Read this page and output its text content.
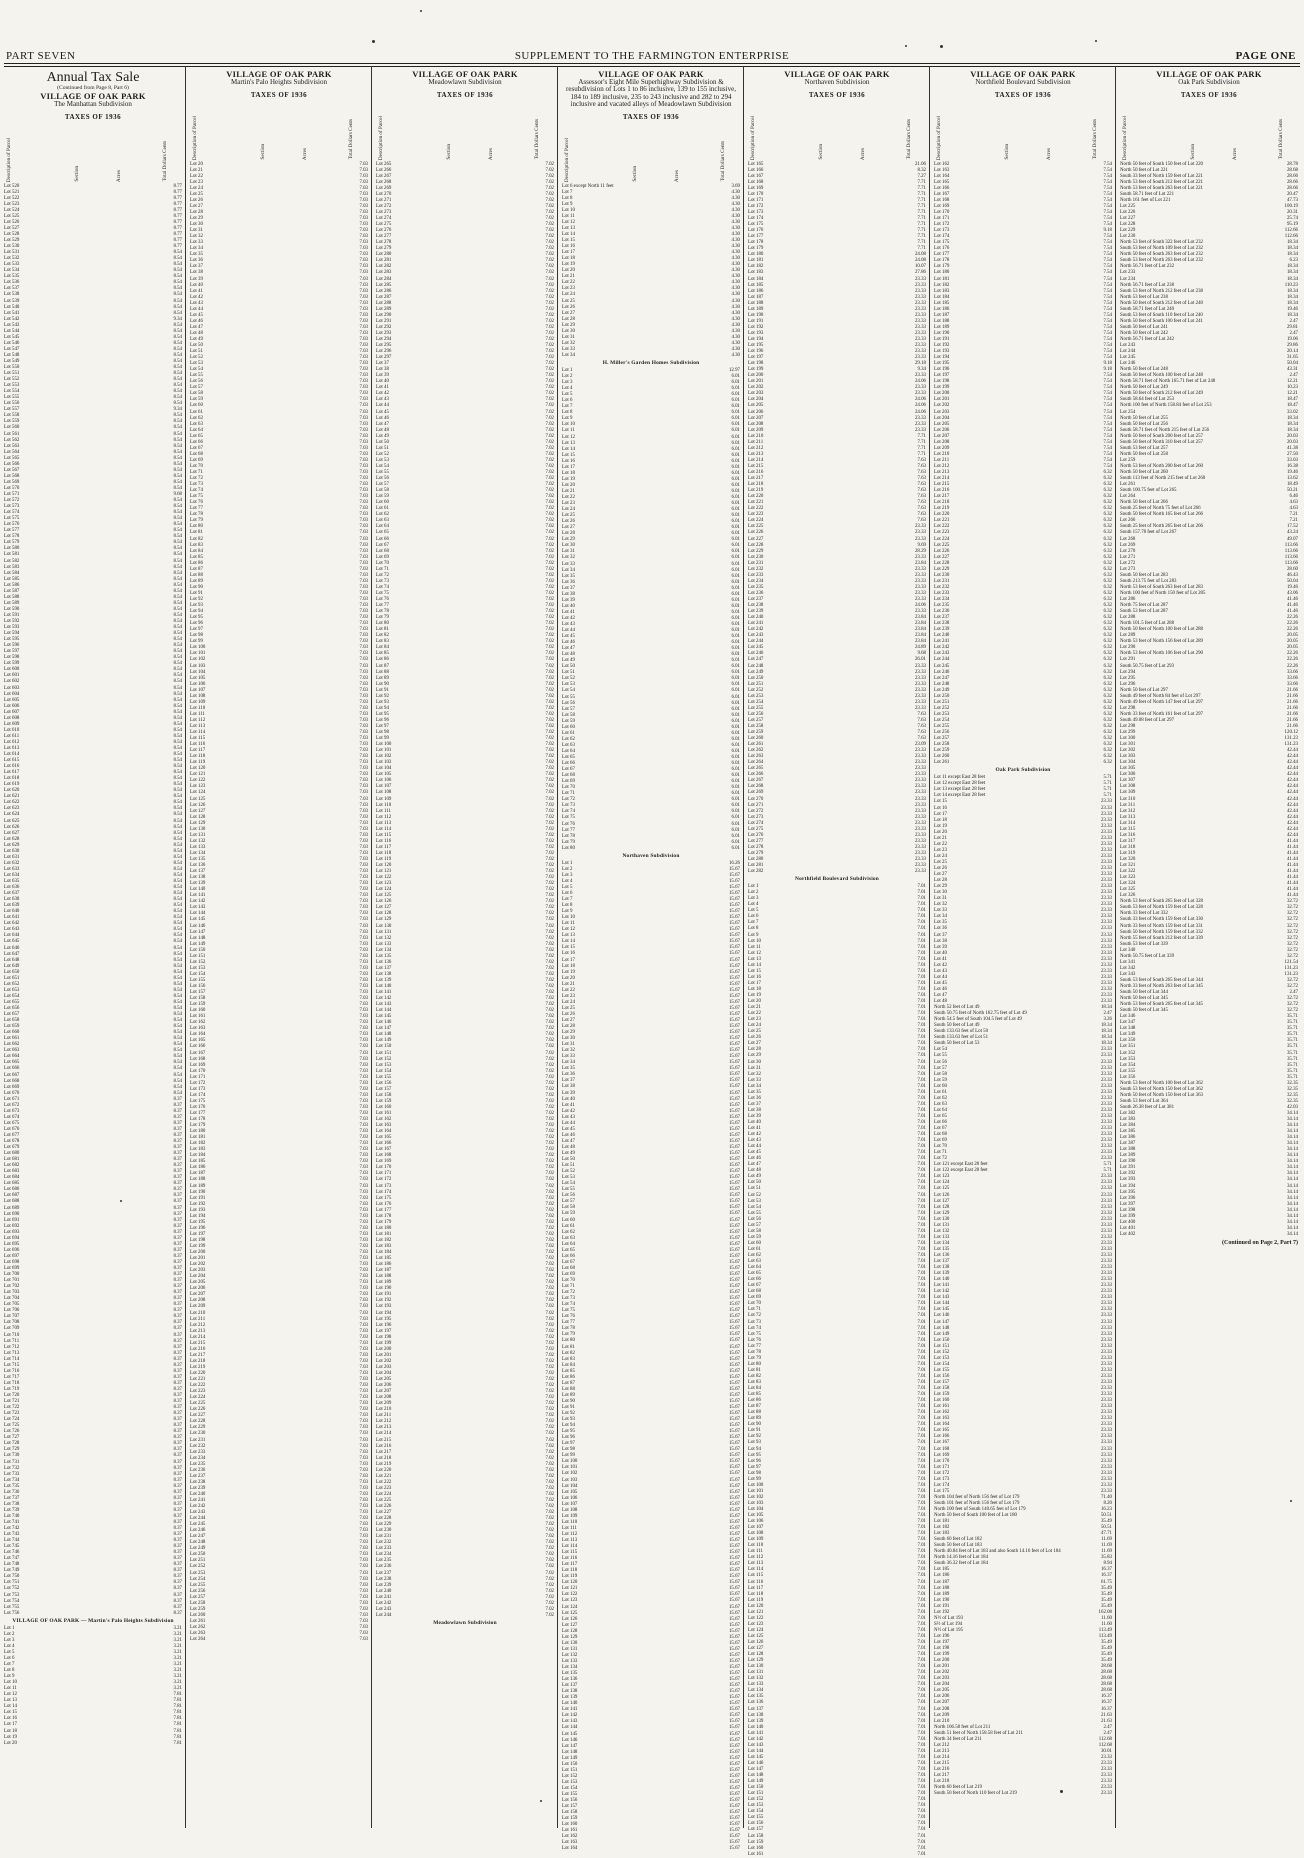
PART SEVEN	SUPPLEMENT TO THE FARMINGTON ENTERPRISE	PAGE ONE
Annual Tax Sale
(Continued from Page 8, Part 6)
VILLAGE OF OAK PARK
The Manhattan Subdivision
TAXES OF 1936
Description of Parcel	Section	Acres	Total Dollars Cents
Lot 520	8.77
Lot 521	8.77
Lot 522	8.77
Lot 523	8.77
Lot 524	8.77
Lot 525	8.77
Lot 526	8.77
Lot 527	8.77
Lot 528	8.77
Lot 529	8.77
Lot 530	8.77
Lot 531	8.54
Lot 532	8.54
Lot 533	8.54
Lot 534	8.54
Lot 535	8.54
Lot 536	8.54
Lot 537	8.54
Lot 538	8.54
Lot 539	8.54
Lot 540	8.54
Lot 541	8.54
Lot 542	9.34
Lot 543	8.54
Lot 544	8.54
Lot 545	8.54
Lot 546	8.54
Lot 547	8.54
Lot 548	8.54
Lot 549	8.54
Lot 550	8.54
Lot 551	8.54
Lot 552	8.54
Lot 553	8.54
Lot 554	8.54
Lot 555	8.54
Lot 556	8.54
Lot 557	9.34
Lot 558	8.54
Lot 559	8.54
Lot 560	8.54
Lot 561	8.54
Lot 562	8.54
Lot 563	8.54
Lot 564	8.54
Lot 565	8.54
Lot 566	8.54
Lot 567	8.54
Lot 568	8.54
Lot 569	8.54
Lot 570	8.54
Lot 571	9.68
Lot 572	8.54
Lot 573	8.54
Lot 574	8.54
Lot 575	8.54
Lot 576	8.54
Lot 577	8.54
Lot 578	8.54
Lot 579	8.54
Lot 580	8.54
Lot 581	8.54
Lot 582	8.54
Lot 583	8.54
Lot 584	8.54
Lot 585	8.54
Lot 586	8.54
Lot 587	8.54
Lot 588	8.54
Lot 589	8.54
Lot 590	8.54
Lot 591	8.54
Lot 592	8.54
Lot 593	8.54
Lot 594	8.54
Lot 595	8.54
Lot 596	8.54
Lot 597	8.54
Lot 598	8.54
Lot 599	8.54
Lot 600	8.54
Lot 601	8.54
Lot 602	8.54
Lot 603	8.54
Lot 604	8.54
Lot 605	8.54
Lot 606	8.54
Lot 607	8.54
Lot 608	8.54
Lot 609	8.54
Lot 610	8.54
Lot 611	8.54
Lot 612	8.54
Lot 613	8.54
Lot 614	8.54
Lot 615	8.54
Lot 616	8.54
Lot 617	8.54
Lot 618	8.54
Lot 619	8.54
Lot 620	8.54
Lot 621	8.54
Lot 622	8.54
Lot 623	8.54
Lot 624	8.54
Lot 625	8.54
Lot 626	8.54
Lot 627	8.54
Lot 628	8.54
Lot 629	8.54
Lot 630	8.54
Lot 631	8.54
Lot 632	8.54
Lot 633	8.54
Lot 634	8.54
Lot 635	8.54
Lot 636	8.54
Lot 637	8.54
Lot 638	8.54
Lot 639	8.54
Lot 640	8.54
Lot 641	8.54
Lot 642	8.54
Lot 643	8.54
Lot 644	8.54
Lot 645	8.54
Lot 646	8.54
Lot 647	8.54
Lot 648	8.54
Lot 649	8.54
Lot 650	8.54
Lot 651	8.54
Lot 652	8.54
Lot 653	8.54
Lot 654	8.54
Lot 655	8.54
Lot 656	8.54
Lot 657	8.54
Lot 658	8.54
Lot 659	8.54
Lot 660	8.54
Lot 661	8.54
Lot 662	8.54
Lot 663	8.54
Lot 664	8.54
Lot 665	8.54
Lot 666	8.54
Lot 667	8.54
Lot 668	8.54
Lot 669	8.54
Lot 670	8.54
Lot 671	8.37
Lot 672	8.37
Lot 673	8.37
Lot 674	8.37
Lot 675	8.37
Lot 676	8.37
Lot 677	8.37
Lot 678	8.37
Lot 679	8.37
Lot 680	8.37
Lot 681	8.37
Lot 682	8.37
Lot 683	8.37
Lot 684	8.37
Lot 685	8.37
Lot 686	8.37
Lot 687	8.37
Lot 688	8.37
Lot 689	8.37
Lot 690	8.37
Lot 691	8.37
Lot 692	8.37
Lot 693	8.37
Lot 694	8.37
Lot 695	8.37
Lot 696	8.37
Lot 697	8.37
Lot 698	8.37
Lot 699	8.37
Lot 700	8.37
Lot 701	8.37
Lot 702	8.37
Lot 703	8.37
Lot 704	8.37
Lot 705	8.37
Lot 706	8.37
Lot 707	8.37
Lot 708	8.37
Lot 709	8.37
Lot 710	8.37
Lot 711	8.37
Lot 712	8.37
Lot 713	8.37
Lot 714	8.37
Lot 715	8.37
Lot 716	8.37
Lot 717	8.37
Lot 718	8.37
Lot 719	8.37
Lot 720	8.37
Lot 721	8.37
Lot 722	8.37
Lot 723	8.37
Lot 724	8.37
Lot 725	8.37
Lot 726	8.37
Lot 727	8.37
Lot 728	8.37
Lot 729	8.37
Lot 730	8.37
Lot 731	8.37
Lot 732	8.37
Lot 733	8.37
Lot 734	8.37
Lot 735	8.37
Lot 736	8.37
Lot 737	8.37
Lot 738	8.37
Lot 739	8.37
Lot 740	8.37
Lot 741	8.37
Lot 742	8.37
Lot 743	8.37
Lot 744	8.37
Lot 745	8.37
Lot 746	8.37
Lot 747	8.37
Lot 748	8.37
Lot 749	8.37
Lot 750	8.37
Lot 751	8.37
Lot 752	8.37
Lot 753	8.37
Lot 754	8.37
Lot 755	8.37
Lot 756	8.37
VILLAGE OF OAK PARK — Martin's Palo Heights Subdivision
Lot 1	3.21
Lot 2	3.21
Lot 3	3.21
Lot 4	3.21
Lot 5	3.21
Lot 6	3.21
Lot 7	3.21
Lot 8	3.21
Lot 9	3.21
Lot 10	3.21
Lot 11	3.21
Lot 12	7.81
Lot 13	7.81
Lot 14	7.81
Lot 15	7.81
Lot 16	7.81
Lot 17	7.81
Lot 18	7.81
Lot 19	7.81
Lot 20	7.81
VILLAGE OF OAK PARK
Martin's Palo Heights Subdivision
TAXES OF 1936
Description of Parcel	Section	Acres	Total Dollars Cents
Lot 20	7.03
Lot 21	7.03
Lot 22	7.03
Lot 23	7.03
Lot 24	7.03
Lot 25	7.03
Lot 26	7.03
Lot 27	7.03
Lot 28	7.03
Lot 29	7.03
Lot 30	7.03
Lot 31	7.03
Lot 32	7.03
Lot 33	7.03
Lot 34	7.03
Lot 35	7.03
Lot 36	7.03
Lot 37	7.03
Lot 38	7.03
Lot 39	7.03
Lot 40	7.03
Lot 41	7.03
Lot 42	7.03
Lot 43	7.03
Lot 44	7.03
Lot 45	7.03
Lot 46	7.03
Lot 47	7.03
Lot 48	7.03
Lot 49	7.03
Lot 50	7.03
Lot 51	7.03
Lot 52	7.03
Lot 53	7.03
Lot 54	7.03
Lot 55	7.03
Lot 56	7.03
Lot 57	7.03
Lot 58	7.03
Lot 59	7.03
Lot 60	7.03
Lot 61	7.03
Lot 62	7.03
Lot 63	7.03
Lot 64	7.03
Lot 65	7.03
Lot 66	7.03
Lot 67	7.03
Lot 68	7.03
Lot 69	7.03
Lot 70	7.03
Lot 71	7.03
Lot 72	7.03
Lot 73	7.03
Lot 74	7.03
Lot 75	7.03
Lot 76	7.03
Lot 77	7.03
Lot 78	7.03
Lot 79	7.03
Lot 80	7.03
Lot 81	7.03
Lot 82	7.03
Lot 83	7.03
Lot 84	7.03
Lot 85	7.03
Lot 86	7.03
Lot 87	7.03
Lot 88	7.03
Lot 89	7.03
Lot 90	7.03
Lot 91	7.03
Lot 92	7.03
Lot 93	7.03
Lot 94	7.03
Lot 95	7.03
Lot 96	7.03
Lot 97	7.03
Lot 98	7.03
Lot 99	7.03
Lot 100	7.03
Lot 101	7.03
Lot 102	7.03
Lot 103	7.03
Lot 104	7.03
Lot 105	7.03
Lot 106	7.03
Lot 107	7.03
Lot 108	7.03
Lot 109	7.03
Lot 110	7.03
Lot 111	7.03
Lot 112	7.03
Lot 113	7.03
Lot 114	7.03
Lot 115	7.03
Lot 116	7.03
Lot 117	7.03
Lot 118	7.03
Lot 119	7.03
Lot 120	7.03
Lot 121	7.03
Lot 122	7.03
Lot 123	7.03
Lot 124	7.03
Lot 125	7.03
Lot 126	7.03
Lot 127	7.03
Lot 128	7.03
Lot 129	7.03
Lot 130	7.03
Lot 131	7.03
Lot 132	7.03
Lot 133	7.03
Lot 134	7.03
Lot 135	7.03
Lot 136	7.03
Lot 137	7.03
Lot 138	7.03
Lot 139	7.03
Lot 140	7.03
Lot 141	7.03
Lot 142	7.03
Lot 143	7.03
Lot 144	7.03
Lot 145	7.03
Lot 146	7.03
Lot 147	7.03
Lot 148	7.03
Lot 149	7.03
Lot 150	7.03
Lot 151	7.03
Lot 152	7.03
Lot 153	7.03
Lot 154	7.03
Lot 155	7.03
Lot 156	7.03
Lot 157	7.03
Lot 158	7.03
Lot 159	7.03
Lot 160	7.03
Lot 161	7.03
Lot 162	7.03
Lot 163	7.03
Lot 164	7.03
Lot 165	7.03
Lot 166	7.03
Lot 167	7.03
Lot 168	7.03
Lot 169	7.03
Lot 170	7.03
Lot 171	7.03
Lot 172	7.03
Lot 173	7.03
Lot 174	7.03
Lot 175	7.03
Lot 176	7.03
Lot 177	7.03
Lot 178	7.03
Lot 179	7.03
Lot 180	7.03
Lot 181	7.03
Lot 182	7.03
Lot 183	7.03
Lot 184	7.03
Lot 185	7.03
Lot 186	7.03
Lot 187	7.03
Lot 188	7.03
Lot 189	7.03
Lot 190	7.03
Lot 191	7.03
Lot 192	7.03
Lot 193	7.03
Lot 194	7.03
Lot 195	7.03
Lot 196	7.03
Lot 197	7.03
Lot 198	7.03
Lot 199	7.03
Lot 200	7.03
Lot 201	7.03
Lot 202	7.03
Lot 203	7.03
Lot 204	7.03
Lot 205	7.03
Lot 206	7.03
Lot 207	7.03
Lot 208	7.03
Lot 209	7.03
Lot 210	7.03
Lot 211	7.03
Lot 212	7.03
Lot 213	7.03
Lot 214	7.03
Lot 215	7.03
Lot 216	7.03
Lot 217	7.03
Lot 218	7.03
Lot 219	7.03
Lot 220	7.03
Lot 221	7.03
Lot 222	7.03
Lot 223	7.03
Lot 224	7.03
Lot 225	7.03
Lot 226	7.03
Lot 227	7.03
Lot 228	7.03
Lot 229	7.03
Lot 230	7.03
Lot 231	7.03
Lot 232	7.03
Lot 233	7.03
Lot 234	7.03
Lot 235	7.03
Lot 236	7.03
Lot 237	7.03
Lot 238	7.03
Lot 239	7.03
Lot 240	7.03
Lot 241	7.03
Lot 242	7.03
Lot 243	7.03
Lot 244	7.03
Lot 245	7.03
Lot 246	7.03
Lot 247	7.03
Lot 248	7.03
Lot 249	7.03
Lot 250	7.03
Lot 251	7.03
Lot 252	7.03
Lot 253	7.03
Lot 254	7.03
Lot 255	7.03
Lot 256	7.03
Lot 257	7.03
Lot 258	7.03
Lot 259	7.03
Lot 260	7.03
Lot 261	7.03
Lot 262	7.03
Lot 263	7.03
Lot 264	7.03
VILLAGE OF OAK PARK
Meadowlawn Subdivision
TAXES OF 1936
Description of Parcel	Section	Acres	Total Dollars Cents
Lot 265	7.02
Lot 266	7.02
Lot 267	7.02
Lot 268	7.02
Lot 269	7.02
Lot 270	7.02
Lot 271	7.02
Lot 272	7.02
Lot 273	7.02
Lot 274	7.02
Lot 275	7.02
Lot 276	7.02
Lot 277	7.02
Lot 278	7.02
Lot 279	7.02
Lot 280	7.02
Lot 281	7.02
Lot 282	7.02
Lot 283	7.02
Lot 284	7.02
Lot 285	7.02
Lot 286	7.02
Lot 287	7.02
Lot 288	7.02
Lot 289	7.02
Lot 290	7.02
Lot 291	7.02
Lot 292	7.02
Lot 293	7.02
Lot 294	7.02
Lot 295	7.02
Lot 296	7.02
Lot 297	7.02
Lot 37	7.02
Lot 38	7.02
Lot 39	7.02
Lot 40	7.02
Lot 41	7.02
Lot 42	7.02
Lot 43	7.02
Lot 44	7.02
Lot 45	7.02
Lot 46	7.02
Lot 47	7.02
Lot 48	7.02
Lot 49	7.02
Lot 50	7.02
Lot 51	7.02
Lot 52	7.02
Lot 53	7.02
Lot 54	7.02
Lot 55	7.02
Lot 56	7.02
Lot 57	7.02
Lot 58	7.02
Lot 59	7.02
Lot 60	7.02
Lot 61	7.02
Lot 62	7.02
Lot 63	7.02
Lot 64	7.02
Lot 65	7.02
Lot 66	7.02
Lot 67	7.02
Lot 68	7.02
Lot 69	7.02
Lot 70	7.02
Lot 71	7.02
Lot 72	7.02
Lot 73	7.02
Lot 74	7.02
Lot 75	7.02
Lot 76	7.02
Lot 77	7.02
Lot 78	7.02
Lot 79	7.02
Lot 80	7.02
Lot 81	7.02
Lot 82	7.02
Lot 83	7.02
Lot 84	7.02
Lot 85	7.02
Lot 86	7.02
Lot 87	7.02
Lot 88	7.02
Lot 89	7.02
Lot 90	7.02
Lot 91	7.02
Lot 92	7.02
Lot 93	7.02
Lot 94	7.02
Lot 95	7.02
Lot 96	7.02
Lot 97	7.02
Lot 98	7.02
Lot 99	7.02
Lot 100	7.02
Lot 101	7.02
Lot 102	7.02
Lot 103	7.02
Lot 104	7.02
Lot 105	7.02
Lot 106	7.02
Lot 107	7.02
Lot 108	7.02
Lot 109	7.02
Lot 110	7.02
Lot 111	7.02
Lot 112	7.02
Lot 113	7.02
Lot 114	7.02
Lot 115	7.02
Lot 116	7.02
Lot 117	7.02
Lot 118	7.02
Lot 119	7.02
Lot 120	7.02
Lot 121	7.02
Lot 122	7.02
Lot 123	7.02
Lot 124	7.02
Lot 125	7.02
Lot 126	7.02
Lot 127	7.02
Lot 128	7.02
Lot 129	7.02
Lot 130	7.02
Lot 131	7.02
Lot 132	7.02
Lot 133	7.02
Lot 134	7.02
Lot 135	7.02
Lot 136	7.02
Lot 137	7.02
Lot 138	7.02
Lot 139	7.02
Lot 140	7.02
Lot 141	7.02
Lot 142	7.02
Lot 143	7.02
Lot 144	7.02
Lot 145	7.02
Lot 146	7.02
Lot 147	7.02
Lot 148	7.02
Lot 149	7.02
Lot 150	7.02
Lot 151	7.02
Lot 152	7.02
Lot 153	7.02
Lot 154	7.02
Lot 155	7.02
Lot 156	7.02
Lot 157	7.02
Lot 158	7.02
Lot 159	7.02
Lot 160	7.02
Lot 161	7.02
Lot 162	7.02
Lot 163	7.02
Lot 164	7.02
Lot 165	7.02
Lot 166	7.02
Lot 167	7.02
Lot 168	7.02
Lot 169	7.02
Lot 170	7.02
Lot 171	7.02
Lot 172	7.02
Lot 173	7.02
Lot 174	7.02
Lot 175	7.02
Lot 176	7.02
Lot 177	7.02
Lot 178	7.02
Lot 179	7.02
Lot 180	7.02
Lot 181	7.02
Lot 182	7.02
Lot 183	7.02
Lot 184	7.02
Lot 185	7.02
Lot 186	7.02
Lot 187	7.02
Lot 188	7.02
Lot 189	7.02
Lot 190	7.02
Lot 191	7.02
Lot 192	7.02
Lot 193	7.02
Lot 194	7.02
Lot 195	7.02
Lot 196	7.02
Lot 197	7.02
Lot 198	7.02
Lot 199	7.02
Lot 200	7.02
Lot 201	7.02
Lot 202	7.02
Lot 203	7.02
Lot 204	7.02
Lot 205	7.02
Lot 206	7.02
Lot 207	7.02
Lot 208	7.02
Lot 209	7.02
Lot 210	7.02
Lot 211	7.02
Lot 212	7.02
Lot 213	7.02
Lot 214	7.02
Lot 215	7.02
Lot 216	7.02
Lot 217	7.02
Lot 218	7.02
Lot 219	7.02
Lot 220	7.02
Lot 221	7.02
Lot 222	7.02
Lot 223	7.02
Lot 224	7.02
Lot 225	7.02
Lot 226	7.02
Lot 227	7.02
Lot 228	7.02
Lot 229	7.02
Lot 230	7.02
Lot 231	7.02
Lot 232	7.02
Lot 233	7.02
Lot 234	7.02
Lot 235	7.02
Lot 236	7.02
Lot 237	7.02
Lot 238	7.02
Lot 239	7.02
Lot 240	7.02
Lot 241	7.02
Lot 242	7.02
Lot 243	7.02
Lot 244	7.02
Meadowlawn Subdivision
VILLAGE OF OAK PARK
Assessor's Eight Mile Superhighway Subdivision & resubdivision of Lots 1 to 86 inclusive, 139 to 155 inclusive, 184 to 189 inclusive, 235 to 243 inclusive and 282 to 294 inclusive and vacated alleys of Meadowlawn Subdivision
TAXES OF 1936
Description of Parcel	Section	Acres	Total Dollars Cents
Lot 6 except North 11 feet	3.69
Lot 7	4.30
Lot 8	4.30
Lot 9	4.30
Lot 10	4.30
Lot 11	4.30
Lot 12	4.30
Lot 13	4.30
Lot 14	4.30
Lot 15	4.30
Lot 16	4.30
Lot 17	4.30
Lot 18	4.30
Lot 19	4.30
Lot 20	4.30
Lot 21	4.30
Lot 22	4.30
Lot 23	4.30
Lot 24	4.30
Lot 25	4.30
Lot 26	4.30
Lot 27	4.30
Lot 28	4.30
Lot 29	4.30
Lot 30	4.30
Lot 31	4.30
Lot 32	4.30
Lot 33	4.30
Lot 34	4.30
H. Miller's Garden Homes Subdivision
Lot 1	12.97
Lot 2	6.01
Lot 3	6.01
Lot 4	6.01
Lot 5	6.01
Lot 6	6.01
Lot 7	6.01
Lot 8	6.01
Lot 9	6.01
Lot 10	6.01
Lot 11	6.01
Lot 12	6.01
Lot 13	6.01
Lot 14	6.01
Lot 15	6.01
Lot 16	6.01
Lot 17	6.01
Lot 18	6.01
Lot 19	6.01
Lot 20	6.01
Lot 21	6.01
Lot 22	6.01
Lot 23	6.01
Lot 24	6.01
Lot 25	6.01
Lot 26	6.01
Lot 27	6.01
Lot 28	6.01
Lot 29	6.01
Lot 30	6.01
Lot 31	6.01
Lot 32	6.01
Lot 33	6.01
Lot 34	6.01
Lot 35	6.01
Lot 36	6.01
Lot 37	6.01
Lot 38	6.01
Lot 39	6.01
Lot 40	6.01
Lot 41	6.01
Lot 42	6.01
Lot 43	6.01
Lot 44	6.01
Lot 45	6.01
Lot 46	6.01
Lot 47	6.01
Lot 48	6.01
Lot 49	6.01
Lot 50	6.01
Lot 51	6.01
Lot 52	6.01
Lot 53	6.01
Lot 54	6.01
Lot 55	6.01
Lot 56	6.01
Lot 57	6.01
Lot 58	6.01
Lot 59	6.01
Lot 60	6.01
Lot 61	6.01
Lot 62	6.01
Lot 63	6.01
Lot 64	6.01
Lot 65	6.01
Lot 66	6.01
Lot 67	6.01
Lot 68	6.01
Lot 69	6.01
Lot 70	6.01
Lot 71	6.01
Lot 72	6.01
Lot 73	6.01
Lot 74	6.01
Lot 75	6.01
Lot 76	6.01
Lot 77	6.01
Lot 78	6.01
Lot 79	6.01
Lot 80	6.01
Northaven Subdivision
Lot 1	16.26
Lot 2	15.67
Lot 3	15.67
Lot 4	15.67
Lot 5	15.67
Lot 6	15.67
Lot 7	15.67
Lot 8	15.67
Lot 9	15.67
Lot 10	15.67
Lot 11	15.67
Lot 12	15.67
Lot 13	15.67
Lot 14	15.67
Lot 15	15.67
Lot 16	15.67
Lot 17	15.67
Lot 18	15.67
Lot 19	15.67
Lot 20	15.67
Lot 21	15.67
Lot 22	15.67
Lot 23	15.67
Lot 24	15.67
Lot 25	15.67
Lot 26	15.67
Lot 27	15.67
Lot 28	15.67
Lot 29	15.67
Lot 30	15.67
Lot 31	15.67
Lot 32	15.67
Lot 33	15.67
Lot 34	15.67
Lot 35	15.67
Lot 36	15.67
Lot 37	15.67
Lot 38	15.67
Lot 39	15.67
Lot 40	15.67
Lot 41	15.67
Lot 42	15.67
Lot 43	15.67
Lot 44	15.67
Lot 45	15.67
Lot 46	15.67
Lot 47	15.67
Lot 48	15.67
Lot 49	15.67
Lot 50	15.67
Lot 51	15.67
Lot 52	15.67
Lot 53	15.67
Lot 54	15.67
Lot 55	15.67
Lot 56	15.67
Lot 57	15.67
Lot 58	15.67
Lot 59	15.67
Lot 60	15.67
Lot 61	15.67
Lot 62	15.67
Lot 63	15.67
Lot 64	15.67
Lot 65	15.67
Lot 66	15.67
Lot 67	15.67
Lot 68	15.67
Lot 69	15.67
Lot 70	15.67
Lot 71	15.67
Lot 72	15.67
Lot 73	15.67
Lot 74	15.67
Lot 75	15.67
Lot 76	15.67
Lot 77	15.67
Lot 78	15.67
Lot 79	15.67
Lot 80	15.67
Lot 81	15.67
Lot 82	15.67
Lot 83	15.67
Lot 84	15.67
Lot 85	15.67
Lot 86	15.67
Lot 87	15.67
Lot 88	15.67
Lot 89	15.67
Lot 90	15.67
Lot 91	15.67
Lot 92	15.67
Lot 93	15.67
Lot 94	15.67
Lot 95	15.67
Lot 96	15.67
Lot 97	15.67
Lot 98	15.67
Lot 99	15.67
Lot 100	15.67
Lot 101	15.67
Lot 102	15.67
Lot 103	15.67
Lot 104	15.67
Lot 105	15.67
Lot 106	15.67
Lot 107	15.67
Lot 108	15.67
Lot 109	15.67
Lot 110	15.67
Lot 111	15.67
Lot 112	15.67
Lot 113	15.67
Lot 114	15.67
Lot 115	15.67
Lot 116	15.67
Lot 117	15.67
Lot 118	15.67
Lot 119	15.67
Lot 120	15.67
Lot 121	15.67
Lot 122	15.67
Lot 123	15.67
Lot 124	15.67
Lot 125	15.67
Lot 126	15.67
Lot 127	15.67
Lot 128	15.67
Lot 129	15.67
Lot 130	15.67
Lot 131	15.67
Lot 132	15.67
Lot 133	15.67
Lot 134	15.67
Lot 135	15.67
Lot 136	15.67
Lot 137	15.67
Lot 138	15.67
Lot 139	15.67
Lot 140	15.67
Lot 141	15.67
Lot 142	15.67
Lot 143	15.67
Lot 144	15.67
Lot 145	15.67
Lot 146	15.67
Lot 147	15.67
Lot 148	15.67
Lot 149	15.67
Lot 150	15.67
Lot 151	15.67
Lot 152	15.67
Lot 153	15.67
Lot 154	15.67
Lot 155	15.67
Lot 156	15.67
Lot 157	15.67
Lot 158	15.67
Lot 159	15.67
Lot 160	15.67
Lot 161	15.67
Lot 162	15.67
Lot 163	15.67
Lot 164	15.67
VILLAGE OF OAK PARK
Northaven Subdivision
TAXES OF 1936
Description of Parcel	Section	Acres	Total Dollars Cents
Lot 165	21.06
Lot 166	8.32
Lot 167	7.27
Lot 168	7.71
Lot 169	7.71
Lot 170	7.71
Lot 171	7.71
Lot 172	7.71
Lot 173	7.71
Lot 174	7.71
Lot 175	7.71
Lot 176	7.71
Lot 177	7.71
Lot 178	7.71
Lot 179	7.71
Lot 180	24.08
Lot 181	24.08
Lot 182	10.07
Lot 183	27.86
Lot 184	23.33
Lot 185	23.33
Lot 186	23.33
Lot 187	23.33
Lot 188	23.33
Lot 189	23.33
Lot 190	23.33
Lot 191	23.33
Lot 192	23.33
Lot 193	23.33
Lot 194	23.33
Lot 195	23.33
Lot 196	23.33
Lot 197	23.33
Lot 198	29.18
Lot 199	9.34
Lot 200	23.33
Lot 201	24.06
Lot 202	23.33
Lot 203	23.33
Lot 204	24.06
Lot 205	24.06
Lot 206	24.06
Lot 207	23.33
Lot 208	23.33
Lot 209	23.33
Lot 210	7.71
Lot 211	7.71
Lot 212	7.71
Lot 213	7.71
Lot 214	7.63
Lot 215	7.63
Lot 216	7.63
Lot 217	7.63
Lot 218	7.63
Lot 219	7.63
Lot 220	7.63
Lot 221	7.63
Lot 222	7.63
Lot 223	7.63
Lot 224	7.63
Lot 225	23.33
Lot 226	23.33
Lot 227	23.33
Lot 228	9.69
Lot 229	28.29
Lot 230	23.33
Lot 231	23.84
Lot 232	23.33
Lot 233	23.33
Lot 234	23.33
Lot 235	23.33
Lot 236	23.33
Lot 237	23.33
Lot 238	24.06
Lot 239	23.33
Lot 240	23.84
Lot 241	23.84
Lot 242	23.84
Lot 243	23.84
Lot 244	23.84
Lot 245	24.89
Lot 246	9.68
Lot 247	26.01
Lot 248	23.33
Lot 249	23.33
Lot 250	23.33
Lot 251	23.33
Lot 252	23.33
Lot 253	23.33
Lot 254	23.33
Lot 255	23.33
Lot 256	7.63
Lot 257	7.63
Lot 258	7.63
Lot 259	7.63
Lot 260	7.63
Lot 261	23.09
Lot 262	23.33
Lot 263	23.33
Lot 264	23.33
Lot 265	23.33
Lot 266	23.33
Lot 267	23.33
Lot 268	23.33
Lot 269	23.33
Lot 270	23.33
Lot 271	23.33
Lot 272	23.33
Lot 273	23.33
Lot 274	23.33
Lot 275	23.33
Lot 276	23.33
Lot 277	23.33
Lot 278	23.33
Lot 279	23.33
Lot 280	23.33
Lot 281	23.33
Lot 282	23.33
Northfield Boulevard Subdivision
Lot 1	7.01
Lot 2	7.01
Lot 3	7.01
Lot 4	7.01
Lot 5	7.01
Lot 6	7.01
Lot 7	7.01
Lot 8	7.01
Lot 9	7.01
Lot 10	7.01
Lot 11	7.01
Lot 12	7.01
Lot 13	7.01
Lot 14	7.01
Lot 15	7.01
Lot 16	7.01
Lot 17	7.01
Lot 18	7.01
Lot 19	7.01
Lot 20	7.01
Lot 21	7.01
Lot 22	7.01
Lot 23	7.01
Lot 24	7.01
Lot 25	7.01
Lot 26	7.01
Lot 27	7.01
Lot 28	7.01
Lot 29	7.01
Lot 30	7.01
Lot 31	7.01
Lot 32	7.01
Lot 33	7.01
Lot 34	7.01
Lot 35	7.01
Lot 36	7.01
Lot 37	7.01
Lot 38	7.01
Lot 39	7.01
Lot 40	7.01
Lot 41	7.01
Lot 42	7.01
Lot 43	7.01
Lot 44	7.01
Lot 45	7.01
Lot 46	7.01
Lot 47	7.01
Lot 48	7.01
Lot 49	7.01
Lot 50	7.01
Lot 51	7.01
Lot 52	7.01
Lot 53	7.01
Lot 54	7.01
Lot 55	7.01
Lot 56	7.01
Lot 57	7.01
Lot 58	7.01
Lot 59	7.01
Lot 60	7.01
Lot 61	7.01
Lot 62	7.01
Lot 63	7.01
Lot 64	7.01
Lot 65	7.01
Lot 66	7.01
Lot 67	7.01
Lot 68	7.01
Lot 69	7.01
Lot 70	7.01
Lot 71	7.01
Lot 72	7.01
Lot 73	7.01
Lot 74	7.01
Lot 75	7.01
Lot 76	7.01
Lot 77	7.01
Lot 78	7.01
Lot 79	7.01
Lot 80	7.01
Lot 81	7.01
Lot 82	7.01
Lot 83	7.01
Lot 84	7.01
Lot 85	7.01
Lot 86	7.01
Lot 87	7.01
Lot 88	7.01
Lot 89	7.01
Lot 90	7.01
Lot 91	7.01
Lot 92	7.01
Lot 93	7.01
Lot 94	7.01
Lot 95	7.01
Lot 96	7.01
Lot 97	7.01
Lot 98	7.01
Lot 99	7.01
Lot 100	7.01
Lot 101	7.01
Lot 102	7.01
Lot 103	7.01
Lot 104	7.01
Lot 105	7.01
Lot 106	7.01
Lot 107	7.01
Lot 108	7.01
Lot 109	7.01
Lot 110	7.01
Lot 111	7.01
Lot 112	7.01
Lot 113	7.01
Lot 114	7.01
Lot 115	7.01
Lot 116	7.01
Lot 117	7.01
Lot 118	7.01
Lot 119	7.01
Lot 120	7.01
Lot 121	7.01
Lot 122	7.01
Lot 123	7.01
Lot 124	7.01
Lot 125	7.01
Lot 126	7.01
Lot 127	7.01
Lot 128	7.01
Lot 129	7.01
Lot 130	7.01
Lot 131	7.01
Lot 132	7.01
Lot 133	7.01
Lot 134	7.01
Lot 135	7.01
Lot 136	7.01
Lot 137	7.01
Lot 138	7.01
Lot 139	7.01
Lot 140	7.01
Lot 141	7.01
Lot 142	7.01
Lot 143	7.01
Lot 144	7.01
Lot 145	7.01
Lot 146	7.01
Lot 147	7.01
Lot 148	7.01
Lot 149	7.01
Lot 150	7.01
Lot 151	7.01
Lot 152	7.01
Lot 153	7.01
Lot 154	7.01
Lot 155	7.01
Lot 156	7.01
Lot 157	7.01
Lot 158	7.01
Lot 159	7.01
Lot 160	7.01
Lot 161	7.01
VILLAGE OF OAK PARK
Northfield Boulevard Subdivision
TAXES OF 1936
Description of Parcel	Section	Acres	Total Dollars Cents
Lot 162	7.54
Lot 163	7.54
Lot 164	7.54
Lot 165	7.54
Lot 166	7.54
Lot 167	7.54
Lot 168	7.54
Lot 169	7.54
Lot 170	7.54
Lot 171	7.54
Lot 172	7.54
Lot 173	9.18
Lot 174	7.54
Lot 175	7.54
Lot 176	7.54
Lot 177	7.54
Lot 178	7.54
Lot 179	7.54
Lot 180	7.54
Lot 181	7.54
Lot 182	7.54
Lot 183	7.54
Lot 184	7.54
Lot 185	7.54
Lot 186	7.54
Lot 187	7.54
Lot 188	7.54
Lot 189	7.54
Lot 190	7.54
Lot 191	7.54
Lot 192	7.54
Lot 193	7.54
Lot 194	7.54
Lot 195	9.18
Lot 196	9.18
Lot 197	7.54
Lot 198	7.54
Lot 199	7.54
Lot 200	7.54
Lot 201	7.54
Lot 202	7.54
Lot 203	7.54
Lot 204	7.54
Lot 205	7.54
Lot 206	7.54
Lot 207	7.54
Lot 208	7.54
Lot 209	7.54
Lot 210	7.54
Lot 211	7.54
Lot 212	7.54
Lot 213	6.32
Lot 214	6.32
Lot 215	6.32
Lot 216	6.32
Lot 217	6.32
Lot 218	6.32
Lot 219	6.32
Lot 220	6.32
Lot 221	6.32
Lot 222	6.32
Lot 223	6.32
Lot 224	6.32
Lot 225	6.32
Lot 226	6.32
Lot 227	6.32
Lot 228	6.32
Lot 229	6.32
Lot 230	6.32
Lot 231	6.32
Lot 232	6.32
Lot 233	6.32
Lot 234	6.32
Lot 235	6.32
Lot 236	6.32
Lot 237	6.32
Lot 238	6.32
Lot 239	6.32
Lot 240	6.32
Lot 241	6.32
Lot 242	6.32
Lot 243	6.32
Lot 244	6.32
Lot 245	6.32
Lot 246	6.32
Lot 247	6.32
Lot 248	6.32
Lot 249	6.32
Lot 250	6.32
Lot 251	6.32
Lot 252	6.32
Lot 253	6.32
Lot 254	6.32
Lot 255	6.32
Lot 256	6.32
Lot 257	6.32
Lot 258	6.32
Lot 259	6.32
Lot 260	6.32
Lot 261	6.32
Oak Park Subdivision
Lot 11 except East 28 feet	5.71
Lot 12 except East 28 feet	5.71
Lot 13 except East 28 feet	5.71
Lot 14 except East 28 feet	5.71
Lot 15	23.33
Lot 16	23.33
Lot 17	23.33
Lot 18	23.33
Lot 19	23.33
Lot 20	23.33
Lot 21	23.33
Lot 22	23.33
Lot 23	23.33
Lot 24	23.33
Lot 25	23.33
Lot 26	23.33
Lot 27	23.33
Lot 28	23.33
Lot 29	23.33
Lot 30	23.33
Lot 31	23.33
Lot 32	23.33
Lot 33	23.33
Lot 34	23.33
Lot 35	23.33
Lot 36	23.33
Lot 37	23.33
Lot 38	23.33
Lot 39	23.33
Lot 40	23.33
Lot 41	23.33
Lot 42	23.33
Lot 43	23.33
Lot 44	23.33
Lot 45	23.33
Lot 46	23.33
Lot 47	23.33
Lot 48	23.33
North 52 feet of Lot 49	18.34
South 50.75 feet of North 162.75 feet of Lot 49	2.47
North 54.5 feet of South 104.5 feet of Lot 49	3.26
South 50 feet of Lot 49	18.34
South 133.63 feet of Lot 50	18.34
South 133.63 feet of Lot 51	18.34
South 50 feet of Lot 53	18.34
Lot 54	23.33
Lot 55	23.33
Lot 56	23.33
Lot 57	23.33
Lot 58	23.33
Lot 59	23.33
Lot 60	23.33
Lot 61	23.33
Lot 62	23.33
Lot 63	23.33
Lot 64	23.33
Lot 65	23.33
Lot 66	23.33
Lot 67	23.33
Lot 68	23.33
Lot 69	23.33
Lot 70	23.33
Lot 71	23.33
Lot 72	23.33
Lot 121 except East 28 feet	5.71
Lot 122 except East 28 feet	5.71
Lot 123	23.33
Lot 124	23.33
Lot 125	23.33
Lot 126	23.33
Lot 127	23.33
Lot 128	23.33
Lot 129	23.33
Lot 130	23.33
Lot 131	23.33
Lot 132	23.33
Lot 133	23.33
Lot 134	23.33
Lot 135	23.33
Lot 136	23.33
Lot 137	23.33
Lot 138	23.33
Lot 139	23.33
Lot 140	23.33
Lot 141	23.33
Lot 142	23.33
Lot 143	23.33
Lot 144	23.33
Lot 145	23.33
Lot 146	23.33
Lot 147	23.33
Lot 148	23.33
Lot 149	23.33
Lot 150	23.33
Lot 151	23.33
Lot 152	23.33
Lot 153	23.33
Lot 154	23.33
Lot 155	23.33
Lot 156	23.33
Lot 157	23.33
Lot 158	23.33
Lot 159	23.33
Lot 160	23.33
Lot 161	23.33
Lot 162	23.33
Lot 163	23.33
Lot 164	23.33
Lot 165	23.33
Lot 166	23.33
Lot 167	23.33
Lot 168	23.33
Lot 169	23.33
Lot 170	23.33
Lot 171	23.33
Lot 172	23.33
Lot 173	23.33
Lot 174	23.33
Lot 175	23.33
North 104 feet of North 156 feet of Lot 179	71.40
South 101 feet of North 156 feet of Lot 179	8.20
North 100 feet of South 140.65 feet of Lot 179	16.23
North 50 feet of South 100 feet of Lot 180	50.51
Lot 181	35.49
Lot 182	50.51
Lot 183	47.71
South 60 feet of Lot 182	11.69
South 50 feet of Lot 183	11.69
North 40.84 feet of Lot 183 and also South 14.16 feet of Lot 184	11.69
North 14.16 feet of Lot 184	35.83
South 36.32 feet of Lot 184	8.94
Lot 185	16.37
Lot 186	16.37
Lot 187	61.75
Lot 188	35.49
Lot 189	35.49
Lot 190	35.49
Lot 191	35.49
Lot 192	162.08
N½ of Lot 193	11.60
S½ of Lot 194	11.60
N½ of Lot 195	113.49
Lot 196	113.49
Lot 197	35.49
Lot 198	35.49
Lot 199	35.49
Lot 200	35.49
Lot 201	28.68
Lot 202	28.68
Lot 203	28.68
Lot 204	28.68
Lot 205	28.68
Lot 206	16.37
Lot 207	16.37
Lot 208	16.37
Lot 209	21.63
Lot 210	21.63
North 106.58 feet of Lot 211	2.47
South 51 feet of North 158.58 feet of Lot 211	2.47
North 34 feet of Lot 211	112.68
Lot 212	112.68
Lot 213	30.01
Lot 214	23.33
Lot 215	23.33
Lot 216	23.33
Lot 217	23.33
Lot 218	23.33
North 60 feet of Lot 219	23.33
South 50 feet of North 110 feet of Lot 219	23.33
VILLAGE OF OAK PARK
Oak Park Subdivision
TAXES OF 1936
Description of Parcel	Section	Acres	Total Dollars Cents
North 50 feet of South 150 feet of Lot 220	28.78
North 50 feet of Lot 221	28.68
South 33 feet of North 159 feet of Lot 221	28.66
North 53 feet of South 212 feet of Lot 221	28.66
North 53 feet of South 263 feet of Lot 221	28.66
South 58.71 feet of Lot 221	20.47
North 161 feet of Lot 221	47.73
Lot 225	100.19
Lot 226	20.31
Lot 227	25.74
Lot 228	95.19
Lot 229	112.66
Lot 230	112.66
North 53 feet of South 322 feet of Lot 232	18.34
South 53 feet of North 109 feet of Lot 232	18.34
North 50 feet of South 263 feet of Lot 232	18.34
South 53 feet of North 263 feet of Lot 232	6.23
North 56.71 feet of Lot 232	18.34
Lot 233	18.34
Lot 234	18.34
North 56.71 feet of Lot 238	110.23
South 53 feet of North 212 feet of Lot 238	18.34
North 53 feet of Lot 238	18.34
North 50 feet of South 212 feet of Lot 240	18.34
South 58.71 feet of Lot 240	19.46
South 53 feet of South 110 feet of Lot 240	18.34
North 50 feet of South 100 feet of Lot 241	2.47
South 50 feet of Lot 241	29.81
North 50 feet of Lot 242	2.47
North 56.71 feet of Lot 242	19.06
Lot 243	29.86
Lot 244	20.14
Lot 245	31.65
Lot 246	50.04
North 50 feet of Lot 248	43.31
South 50 feet of North 100 feet of Lot 248	2.47
North 58.71 feet of North 165.71 feet of Lot 248	12.21
North 50 feet of Lot 249	10.23
North 50 feet of South 212 feet of Lot 249	12.21
South 58.64 feet of Lot 253	18.47
North 100 feet of North 158.84 feet of Lot 253	18.47
Lot 254	33.02
North 50 feet of Lot 255	18.34
South 50 feet of Lot 256	18.34
South 58.71 feet of North 215 feet of Lot 256	18.34
North 50 feet of South 200 feet of Lot 257	20.03
South 50 feet of North 310 feet of Lot 257	20.03
South 53 feet of Lot 257	41.38
North 50 feet of Lot 258	27.50
Lot 259	33.03
North 53 feet of North 200 feet of Lot 260	16.38
North 50 feet of Lot 260	19.46
South 113 feet of North 215 feet of Lot 260	13.62
Lot 261	18.49
South 100.75 feet of Lot 265	50.21
Lot 264	6.46
North 50 feet of Lot 266	4.63
South 25 feet of North 75 feet of Lot 266	4.63
South 50 feet of North 165 feet of Lot 266	7.21
Lot 266	7.21
South 25 feet of North 265 feet of Lot 266	17.52
South 157.78 feet of Lot 267	43.24
Lot 268	49.07
Lot 269	113.66
Lot 270	113.66
Lot 271	113.66
Lot 272	113.66
Lot 273	28.60
South 50 feet of Lot 283	46.43
South 213.75 feet of Lot 283	50.04
North 53 feet of South 263 feet of Lot 283	19.46
North 100 feet of North 150 feet of Lot 285	43.06
Lot 286	41.46
North 75 feet of Lot 287	41.46
South 53 feet of Lot 287	41.46
Lot 288	22.26
North 101.5 feet of Lot 288	22.26
North 50 feet of North 100 feet of Lot 288	22.26
Lot 289	20.05
North 53 feet of North 156 feet of Lot 289	20.05
Lot 290	20.05
North 53 feet of North 106 feet of Lot 290	22.26
Lot 291	22.26
South 50.75 feet of Lot 293	22.26
Lot 294	33.66
Lot 295	33.66
Lot 296	33.66
North 50 feet of Lot 297	21.66
South 49 feet of North 84 feet of Lot 297	21.66
North 49 feet of North 147 feet of Lot 297	21.66
Lot 298	21.66
North 33 feet of North 161 feet of Lot 297	21.66
South 49.08 feet of Lot 297	21.66
Lot 298	21.66
Lot 299	120.12
Lot 300	131.23
Lot 301	131.23
Lot 302	42.44
Lot 303	42.44
Lot 304	42.44
Lot 305	42.44
Lot 306	42.44
Lot 307	42.44
Lot 308	42.44
Lot 309	42.44
Lot 310	42.44
Lot 311	42.44
Lot 312	42.44
Lot 313	42.44
Lot 314	42.44
Lot 315	42.44
Lot 316	42.44
Lot 317	41.44
Lot 318	41.44
Lot 319	41.44
Lot 320	41.44
Lot 321	41.44
Lot 322	41.44
Lot 323	41.44
Lot 324	41.44
Lot 325	41.44
Lot 326	41.44
North 53 feet of South 265 feet of Lot 328	32.72
South 53 feet of North 159 feet of Lot 328	32.72
North 33 feet of Lot 332	32.72
South 33 feet of North 159 feet of Lot 330	32.72
North 33 feet of North 159 feet of Lot 331	32.72
South 50 feet of North 159 feet of Lot 332	32.72
North 55 feet of South 212 feet of Lot 339	32.72
South 53 feet of Lot 339	32.72
Lot 340	32.72
North 50.75 feet of Lot 339	32.72
Lot 341	121.54
Lot 342	131.23
Lot 343	131.23
South 53 feet of South 265 feet of Lot 344	32.72
North 33 feet of North 263 feet of Lot 345	32.72
South 50 feet of Lot 344	2.47
North 50 feet of Lot 345	32.72
North 53 feet of South 265 feet of Lot 345	32.72
South 50 feet of Lot 345	32.72
Lot 346	35.71
Lot 347	35.71
Lot 348	35.71
Lot 349	35.71
Lot 350	35.71
Lot 351	35.71
Lot 352	35.71
Lot 353	35.71
Lot 354	35.71
Lot 355	35.71
Lot 356	35.71
North 53 feet of North 100 feet of Lot 362	32.35
South 53 feet of North 150 feet of Lot 362	32.35
North 50 feet of North 150 feet of Lot 363	32.35
South 53 feet of Lot 364	32.35
South 26.38 feet of Lot 381	42.03
Lot 382	34.14
Lot 383	34.14
Lot 384	34.14
Lot 385	34.14
Lot 386	34.14
Lot 387	34.14
Lot 388	34.14
Lot 389	34.14
Lot 390	34.14
Lot 391	34.14
Lot 392	34.14
Lot 393	34.14
Lot 394	34.14
Lot 395	34.14
Lot 396	34.14
Lot 397	34.14
Lot 398	34.14
Lot 399	34.14
Lot 400	34.14
Lot 401	34.14
Lot 402	34.14
(Continued on Page 2, Part 7)
